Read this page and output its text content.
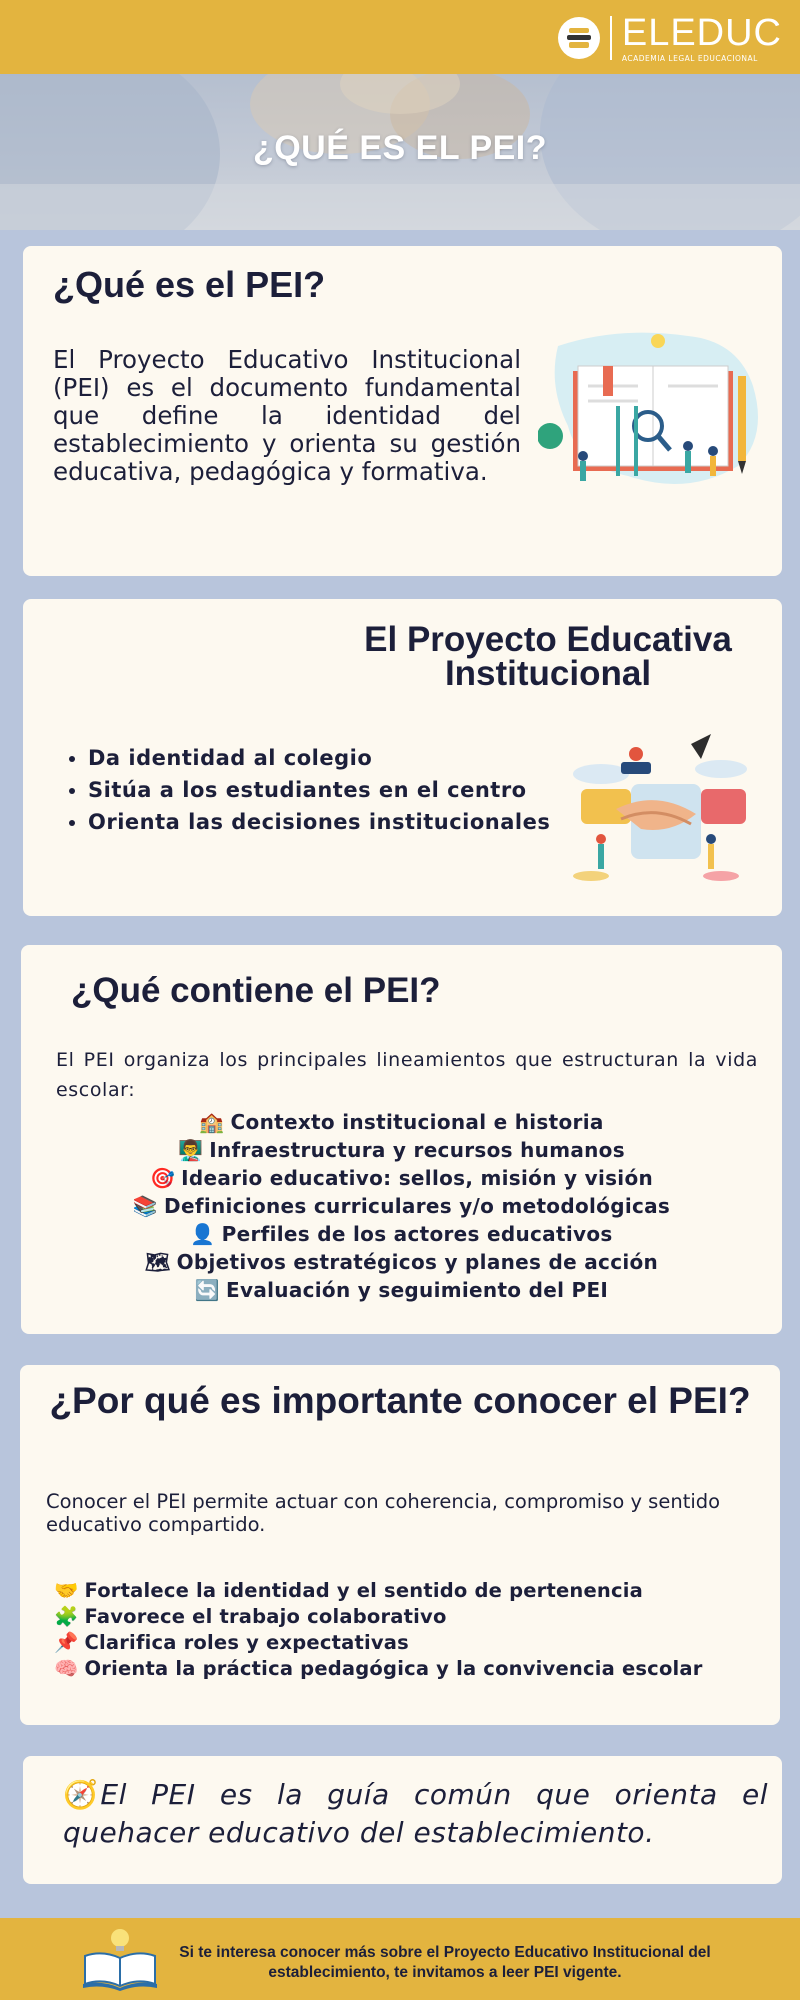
ELEDUC
ACADEMIA LEGAL EDUCACIONAL
¿QUÉ ES EL PEI?
¿Qué es el PEI?
El Proyecto Educativo Institucional (PEI) es el documento fundamental que define la identidad del establecimiento y orienta su gestión educativa, pedagógica y formativa.
El Proyecto Educativa Institucional
• Da identidad al colegio
• Sitúa a los estudiantes en el centro
• Orienta las decisiones institucionales
¿Qué contiene el PEI?
El PEI organiza los principales lineamientos que estructuran la vida escolar:
🏫 Contexto institucional e historia
👨‍🏫 Infraestructura y recursos humanos
🎯 Ideario educativo: sellos, misión y visión
📚 Definiciones curriculares y/o metodológicas
👤 Perfiles de los actores educativos
🗺 Objetivos estratégicos y planes de acción
🔄 Evaluación y seguimiento del PEI
¿Por qué es importante conocer el PEI?
Conocer el PEI permite actuar con coherencia, compromiso y sentido educativo compartido.
🤝 Fortalece la identidad y el sentido de pertenencia
🧩 Favorece el trabajo colaborativo
📌 Clarifica roles y expectativas
🧠 Orienta la práctica pedagógica y la convivencia escolar
🧭El PEI es la guía común que orienta el quehacer educativo del establecimiento.
Si te interesa conocer más sobre el Proyecto Educativo Institucional del establecimiento, te invitamos a leer PEI vigente.
